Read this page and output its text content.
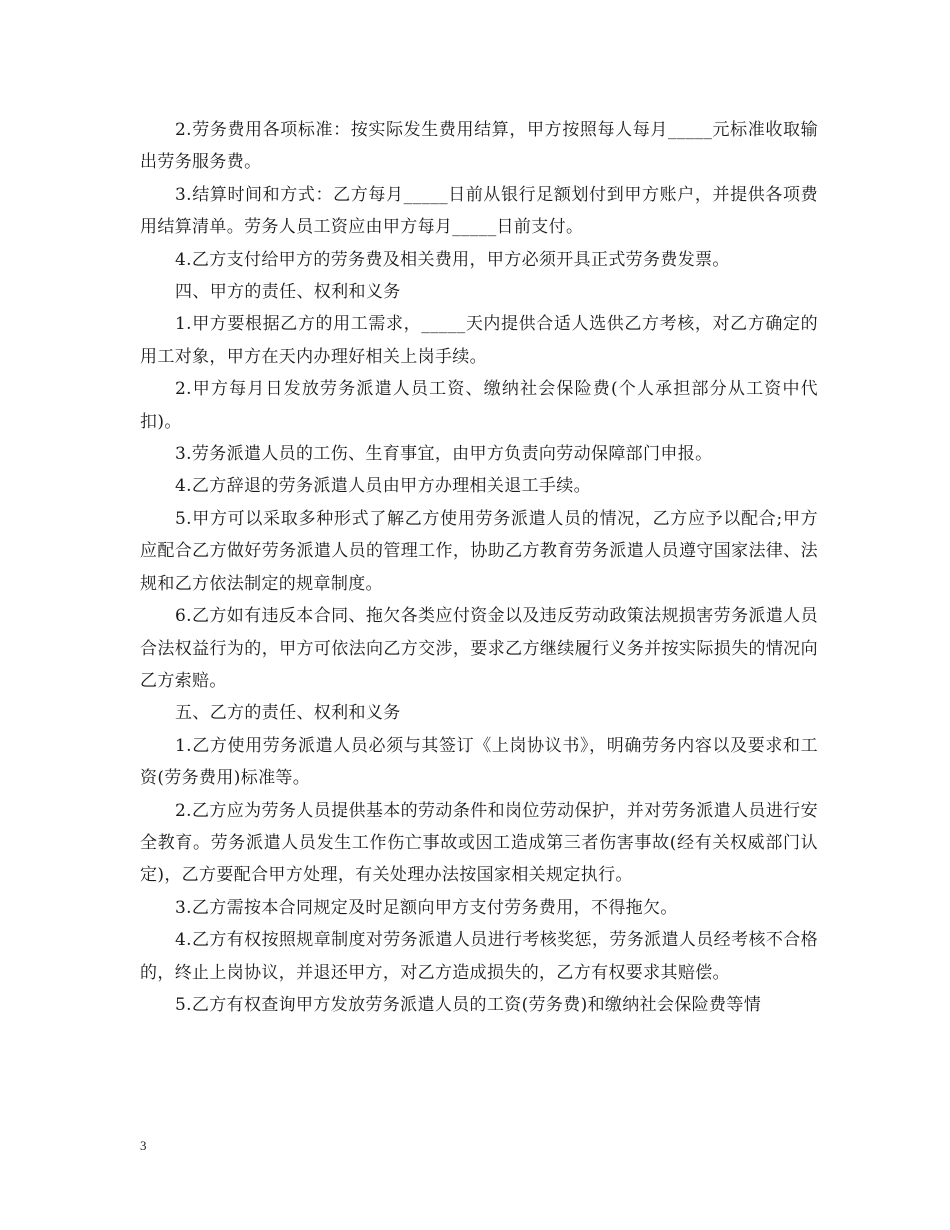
2.劳务费用各项标准：按实际发生费用结算，甲方按照每人每月_____元标准收取输出劳务服务费。

3.结算时间和方式：乙方每月_____日前从银行足额划付到甲方账户，并提供各项费用结算清单。劳务人员工资应由甲方每月_____日前支付。

4.乙方支付给甲方的劳务费及相关费用，甲方必须开具正式劳务费发票。

四、甲方的责任、权利和义务

1.甲方要根据乙方的用工需求，_____天内提供合适人选供乙方考核，对乙方确定的用工对象，甲方在天内办理好相关上岗手续。

2.甲方每月日发放劳务派遣人员工资、缴纳社会保险费(个人承担部分从工资中代扣)。

3.劳务派遣人员的工伤、生育事宜，由甲方负责向劳动保障部门申报。

4.乙方辞退的劳务派遣人员由甲方办理相关退工手续。

5.甲方可以采取多种形式了解乙方使用劳务派遣人员的情况，乙方应予以配合;甲方应配合乙方做好劳务派遣人员的管理工作，协助乙方教育劳务派遣人员遵守国家法律、法规和乙方依法制定的规章制度。

6.乙方如有违反本合同、拖欠各类应付资金以及违反劳动政策法规损害劳务派遣人员合法权益行为的，甲方可依法向乙方交涉，要求乙方继续履行义务并按实际损失的情况向乙方索赔。

五、乙方的责任、权利和义务

1.乙方使用劳务派遣人员必须与其签订《上岗协议书》，明确劳务内容以及要求和工资(劳务费用)标准等。

2.乙方应为劳务人员提供基本的劳动条件和岗位劳动保护，并对劳务派遣人员进行安全教育。劳务派遣人员发生工作伤亡事故或因工造成第三者伤害事故(经有关权威部门认定)，乙方要配合甲方处理，有关处理办法按国家相关规定执行。

3.乙方需按本合同规定及时足额向甲方支付劳务费用，不得拖欠。

4.乙方有权按照规章制度对劳务派遣人员进行考核奖惩，劳务派遣人员经考核不合格的，终止上岗协议，并退还甲方，对乙方造成损失的，乙方有权要求其赔偿。

5.乙方有权查询甲方发放劳务派遣人员的工资(劳务费)和缴纳社会保险费等情

3
